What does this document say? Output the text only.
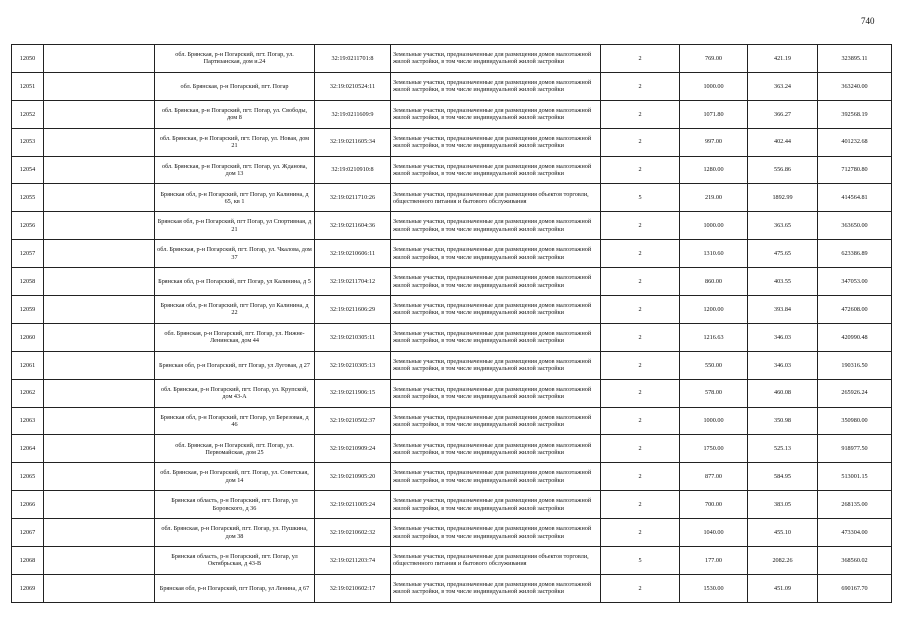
740
12050		обл. Брянская, р-н Погарский, пгт. Погар, ул. Партизанская, дом и.24	32:19:0211701:8	Земельные участки, предназначенные для размещения домов малоэтажной жилой застройки, в том числе индивидуальной жилой застройки	2	769.00	421.19	323895.11
12051		обл. Брянская, р-н Погарский, пгт. Погар	32:19:0210524:11	Земельные участки, предназначенные для размещения домов малоэтажной жилой застройки, в том числе индивидуальной жилой застройки	2	1000.00	363.24	363240.00
12052		обл. Брянская, р-н Погарский, пгт. Погар, ул. Свободы, дом 8	32:19:0211609:9	Земельные участки, предназначенные для размещения домов малоэтажной жилой застройки, в том числе индивидуальной жилой застройки	2	1071.80	366.27	392568.19
12053		обл. Брянская, р-н Погарский, пгт. Погар, ул. Новая, дом 21	32:19:0211605:34	Земельные участки, предназначенные для размещения домов малоэтажной жилой застройки, в том числе индивидуальной жилой застройки	2	997.00	402.44	401232.68
12054		обл. Брянская, р-н Погарский, пгт. Погар, ул. Жданова, дом 13	32:19:0210910:8	Земельные участки, предназначенные для размещения домов малоэтажной жилой застройки, в том числе индивидуальной жилой застройки	2	1280.00	556.86	712780.80
12055		Брянская обл, р-н Погарский, пгт Погар, ул Калинина, д 65, кв 1	32:19:0211710:26	Земельные участки, предназначенные для размещения объектов торговли, общественного питания и бытового обслуживания	5	219.00	1892.99	414564.81
12056		Брянская обл, р-н Погарский, пгт Погар, ул Спортивная, д 21	32:19:0211604:36	Земельные участки, предназначенные для размещения домов малоэтажной жилой застройки, в том числе индивидуальной жилой застройки	2	1000.00	363.65	363650.00
12057		обл. Брянская, р-н Погарский, пгт. Погар, ул. Чкалова, дом 37	32:19:0210606:11	Земельные участки, предназначенные для размещения домов малоэтажной жилой застройки, в том числе индивидуальной жилой застройки	2	1310.60	475.65	623386.89
12058		Брянская обл, р-н Погарский, пгт Погар, ул Калинина, д 5	32:19:0211704:12	Земельные участки, предназначенные для размещения домов малоэтажной жилой застройки, в том числе индивидуальной жилой застройки	2	860.00	403.55	347053.00
12059		Брянская обл, р-н Погарский, пгт Погар, ул Калинина, д 22	32:19:0211606:29	Земельные участки, предназначенные для размещения домов малоэтажной жилой застройки, в том числе индивидуальной жилой застройки	2	1200.00	393.84	472608.00
12060		обл. Брянская, р-н Погарский, пгт. Погар, ул. Нижне-Ленинская, дом 44	32:19:0210305:11	Земельные участки, предназначенные для размещения домов малоэтажной жилой застройки, в том числе индивидуальной жилой застройки	2	1216.63	346.03	420990.48
12061		Брянская обл, р-н Погарский, пгт Погар, ул Луговая, д 27	32:19:0210305:13	Земельные участки, предназначенные для размещения домов малоэтажной жилой застройки, в том числе индивидуальной жилой застройки	2	550.00	346.03	190316.50
12062		обл. Брянская, р-н Погарский, пгт. Погар, ул. Крупской, дом 43-А	32:19:0211906:15	Земельные участки, предназначенные для размещения домов малоэтажной жилой застройки, в том числе индивидуальной жилой застройки	2	578.00	460.08	265926.24
12063		Брянская обл, р-н Погарский, пгт Погар, ул Березовая, д 46	32:19:0210502:37	Земельные участки, предназначенные для размещения домов малоэтажной жилой застройки, в том числе индивидуальной жилой застройки	2	1000.00	350.98	350980.00
12064		обл. Брянская, р-н Погарский, пгт. Погар, ул. Первомайская, дом 25	32:19:0210909:24	Земельные участки, предназначенные для размещения домов малоэтажной жилой застройки, в том числе индивидуальной жилой застройки	2	1750.00	525.13	918977.50
12065		обл. Брянская, р-н Погарский, пгт. Погар, ул. Советская, дом 14	32:19:0210905:20	Земельные участки, предназначенные для размещения домов малоэтажной жилой застройки, в том числе индивидуальной жилой застройки	2	877.00	584.95	513001.15
12066		Брянская область, р-н Погарский, пгт. Погар, ул Боровского, д 36	32:19:0211005:24	Земельные участки, предназначенные для размещения домов малоэтажной жилой застройки, в том числе индивидуальной жилой застройки	2	700.00	383.05	268135.00
12067		обл. Брянская, р-н Погарский, пгт. Погар, ул. Пушкина, дом 38	32:19:0210602:32	Земельные участки, предназначенные для размещения домов малоэтажной жилой застройки, в том числе индивидуальной жилой застройки	2	1040.00	455.10	473304.00
12068		Брянская область, р-н Погарский, пгт. Погар, ул Октябрьская, д 43-В	32:19:0211203:74	Земельные участки, предназначенные для размещения объектов торговли, общественного питания и бытового обслуживания	5	177.00	2082.26	368560.02
12069		Брянская обл, р-н Погарский, пгт Погар, ул Ленина, д 67	32:19:0210602:17	Земельные участки, предназначенные для размещения домов малоэтажной жилой застройки, в том числе индивидуальной жилой застройки	2	1530.00	451.09	690167.70
